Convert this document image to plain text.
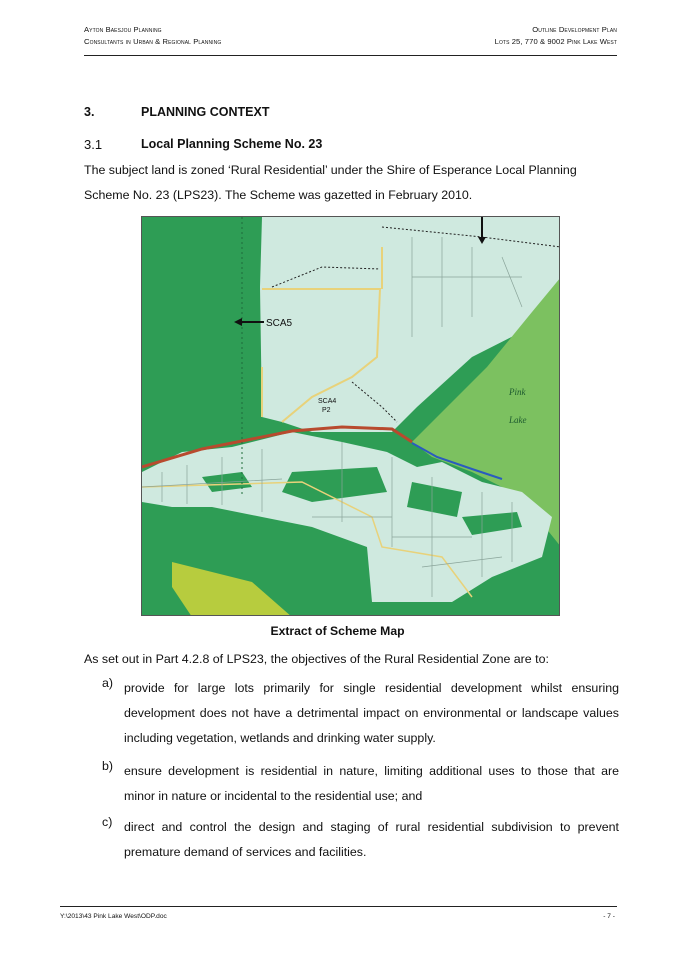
Ayton Baesjou Planning
Consultants in Urban & Regional Planning
Outline Development Plan
Lots 25, 770 & 9002 Pink Lake West
3.	PLANNING CONTEXT
3.1	Local Planning Scheme No. 23
The subject land is zoned ‘Rural Residential’ under the Shire of Esperance Local Planning Scheme No. 23 (LPS23). The Scheme was gazetted in February 2010.
SCA5
SCA4
P2
Pink
Lake
Extract of Scheme Map
As set out in Part 4.2.8 of LPS23, the objectives of the Rural Residential Zone are to:
a) provide for large lots primarily for single residential development whilst ensuring development does not have a detrimental impact on environmental or landscape values including vegetation, wetlands and drinking water supply.
b) ensure development is residential in nature, limiting additional uses to those that are minor in nature or incidental to the residential use; and
c) direct and control the design and staging of rural residential subdivision to prevent premature demand of services and facilities.
Y:\2013\43 Pink Lake West\ODP.doc	- 7 -
